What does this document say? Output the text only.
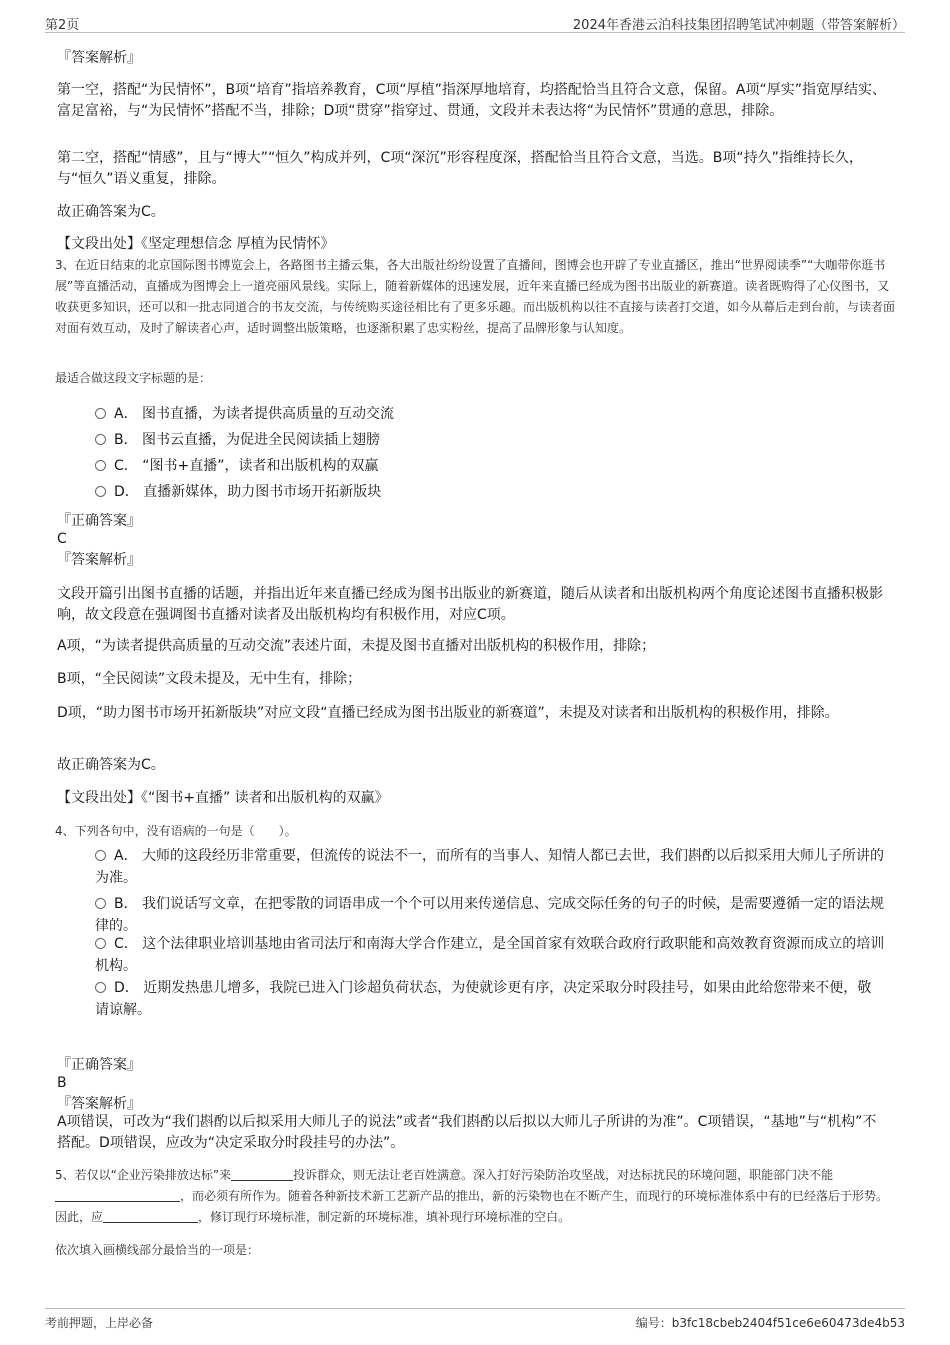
第2页	2024年香港云泊科技集团招聘笔试冲刺题（带答案解析）
『答案解析』
第一空，搭配“为民情怀”，B项“培育”指培养教育，C项“厚植”指深厚地培育，均搭配恰当且符合文意，保留。A项“厚实”指宽厚结实、富足富裕，与“为民情怀”搭配不当，排除；D项“贯穿”指穿过、贯通，文段并未表达将“为民情怀”贯通的意思，排除。
第二空，搭配“情感”，且与“博大”“恒久”构成并列，C项“深沉”形容程度深，搭配恰当且符合文意，当选。B项“持久”指维持长久，与“恒久”语义重复，排除。
故正确答案为C。
【文段出处】《坚定理想信念 厚植为民情怀》
3、在近日结束的北京国际图书博览会上，各路图书主播云集，各大出版社纷纷设置了直播间，图博会也开辟了专业直播区，推出“世界阅读季”“大咖带你逛书展”等直播活动，直播成为图博会上一道亮丽风景线。实际上，随着新媒体的迅速发展，近年来直播已经成为图书出版业的新赛道。读者既购得了心仪图书，又收获更多知识，还可以和一批志同道合的书友交流，与传统购买途径相比有了更多乐趣。而出版机构以往不直接与读者打交道，如今从幕后走到台前，与读者面对面有效互动，及时了解读者心声，适时调整出版策略，也逐渐积累了忠实粉丝，提高了品牌形象与认知度。
最适合做这段文字标题的是：
A． 图书直播，为读者提供高质量的互动交流
B． 图书云直播，为促进全民阅读插上翅膀
C． “图书+直播”，读者和出版机构的双赢
D． 直播新媒体，助力图书市场开拓新版块
『正确答案』
C
『答案解析』
文段开篇引出图书直播的话题，并指出近年来直播已经成为图书出版业的新赛道，随后从读者和出版机构两个角度论述图书直播积极影响，故文段意在强调图书直播对读者及出版机构均有积极作用，对应C项。
A项，“为读者提供高质量的互动交流”表述片面，未提及图书直播对出版机构的积极作用，排除；
B项，“全民阅读”文段未提及，无中生有，排除；
D项，“助力图书市场开拓新版块”对应文段“直播已经成为图书出版业的新赛道”，未提及对读者和出版机构的积极作用，排除。
故正确答案为C。
【文段出处】《“图书+直播” 读者和出版机构的双赢》
4、下列各句中，没有语病的一句是（　　）。
A． 大师的这段经历非常重要，但流传的说法不一，而所有的当事人、知情人都已去世，我们斟酌以后拟采用大师儿子所讲的为准。
B． 我们说话写文章，在把零散的词语串成一个个可以用来传递信息、完成交际任务的句子的时候，是需要遵循一定的语法规律的。
C． 这个法律职业培训基地由省司法厅和南海大学合作建立，是全国首家有效联合政府行政职能和高效教育资源而成立的培训机构。
D． 近期发热患儿增多，我院已进入门诊超负荷状态，为使就诊更有序，决定采取分时段挂号，如果由此给您带来不便，敬请谅解。
『正确答案』
B
『答案解析』
A项错误，可改为“我们斟酌以后拟采用大师儿子的说法”或者“我们斟酌以后拟以大师儿子所讲的为准”。C项错误，“基地”与“机构”不搭配。D项错误，应改为“决定采取分时段挂号的办法”。
5、若仅以“企业污染排放达标”来	投诉群众，则无法让老百姓满意。深入打好污染防治攻坚战，对达标扰民的环境问题，职能部门决不能，而必须有所作为。随着各种新技术新工艺新产品的推出，新的污染物也在不断产生，而现行的环境标准体系中有的已经落后于形势。因此，应	，修订现行环境标准，制定新的环境标准，填补现行环境标准的空白。
依次填入画横线部分最恰当的一项是：
考前押题，上岸必备	编号：b3fc18cbeb2404f51ce6e60473de4b53
